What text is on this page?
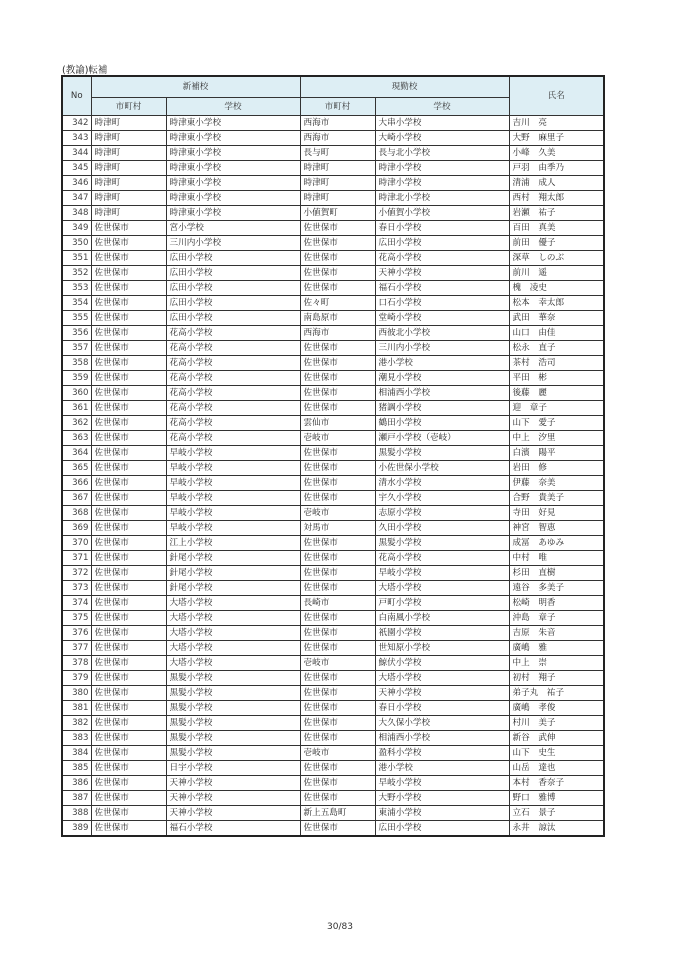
(教諭)転補
No	新補校		現勤校		氏名
	市町村	学校	市町村	学校	
342	時津町	時津東小学校	西海市	大串小学校	吉川　亮
343	時津町	時津東小学校	西海市	大崎小学校	大野　麻里子
344	時津町	時津東小学校	長与町	長与北小学校	小峰　久美
345	時津町	時津東小学校	時津町	時津小学校	戸羽　由季乃
346	時津町	時津東小学校	時津町	時津小学校	清浦　成人
347	時津町	時津東小学校	時津町	時津北小学校	西村　翔太郎
348	時津町	時津東小学校	小値賀町	小値賀小学校	岩瀬　祐子
349	佐世保市	宮小学校	佐世保市	春日小学校	百田　真美
350	佐世保市	三川内小学校	佐世保市	広田小学校	前田　優子
351	佐世保市	広田小学校	佐世保市	花高小学校	深草　しのぶ
352	佐世保市	広田小学校	佐世保市	天神小学校	前川　遥
353	佐世保市	広田小学校	佐世保市	福石小学校	槐　凌史
354	佐世保市	広田小学校	佐々町	口石小学校	松本　幸太郎
355	佐世保市	広田小学校	南島原市	堂崎小学校	武田　華奈
356	佐世保市	花高小学校	西海市	西彼北小学校	山口　由佳
357	佐世保市	花高小学校	佐世保市	三川内小学校	松永　直子
358	佐世保市	花高小学校	佐世保市	港小学校	茶村　浩司
359	佐世保市	花高小学校	佐世保市	潮見小学校	平田　彬
360	佐世保市	花高小学校	佐世保市	相浦西小学校	後藤　麗
361	佐世保市	花高小学校	佐世保市	猪調小学校	迎　章子
362	佐世保市	花高小学校	雲仙市	鶴田小学校	山下　愛子
363	佐世保市	花高小学校	壱岐市	瀬戸小学校（壱岐）	中上　汐里
364	佐世保市	早岐小学校	佐世保市	黒髪小学校	白濱　陽平
365	佐世保市	早岐小学校	佐世保市	小佐世保小学校	岩田　修
366	佐世保市	早岐小学校	佐世保市	清水小学校	伊藤　奈美
367	佐世保市	早岐小学校	佐世保市	宇久小学校	合野　貴美子
368	佐世保市	早岐小学校	壱岐市	志原小学校	寺田　好見
369	佐世保市	早岐小学校	対馬市	久田小学校	神宮　智恵
370	佐世保市	江上小学校	佐世保市	黒髪小学校	成冨　あゆみ
371	佐世保市	針尾小学校	佐世保市	花高小学校	中村　唯
372	佐世保市	針尾小学校	佐世保市	早岐小学校	杉田　直樹
373	佐世保市	針尾小学校	佐世保市	大塔小学校	遠谷　多美子
374	佐世保市	大塔小学校	長崎市	戸町小学校	松崎　明香
375	佐世保市	大塔小学校	佐世保市	白南風小学校	沖島　章子
376	佐世保市	大塔小学校	佐世保市	祇園小学校	吉原　朱音
377	佐世保市	大塔小学校	佐世保市	世知原小学校	廣嶋　雅
378	佐世保市	大塔小学校	壱岐市	鯨伏小学校	中上　崇
379	佐世保市	黒髪小学校	佐世保市	大塔小学校	初村　翔子
380	佐世保市	黒髪小学校	佐世保市	天神小学校	弟子丸　祐子
381	佐世保市	黒髪小学校	佐世保市	春日小学校	廣嶋　孝俊
382	佐世保市	黒髪小学校	佐世保市	大久保小学校	村川　美子
383	佐世保市	黒髪小学校	佐世保市	相浦西小学校	新谷　武伸
384	佐世保市	黒髪小学校	壱岐市	盈科小学校	山下　史生
385	佐世保市	日宇小学校	佐世保市	港小学校	山岳　達也
386	佐世保市	天神小学校	佐世保市	早岐小学校	本村　香奈子
387	佐世保市	天神小学校	佐世保市	大野小学校	野口　雅博
388	佐世保市	天神小学校	新上五島町	東浦小学校	立石　景子
389	佐世保市	福石小学校	佐世保市	広田小学校	永井　諒汰
30/83
